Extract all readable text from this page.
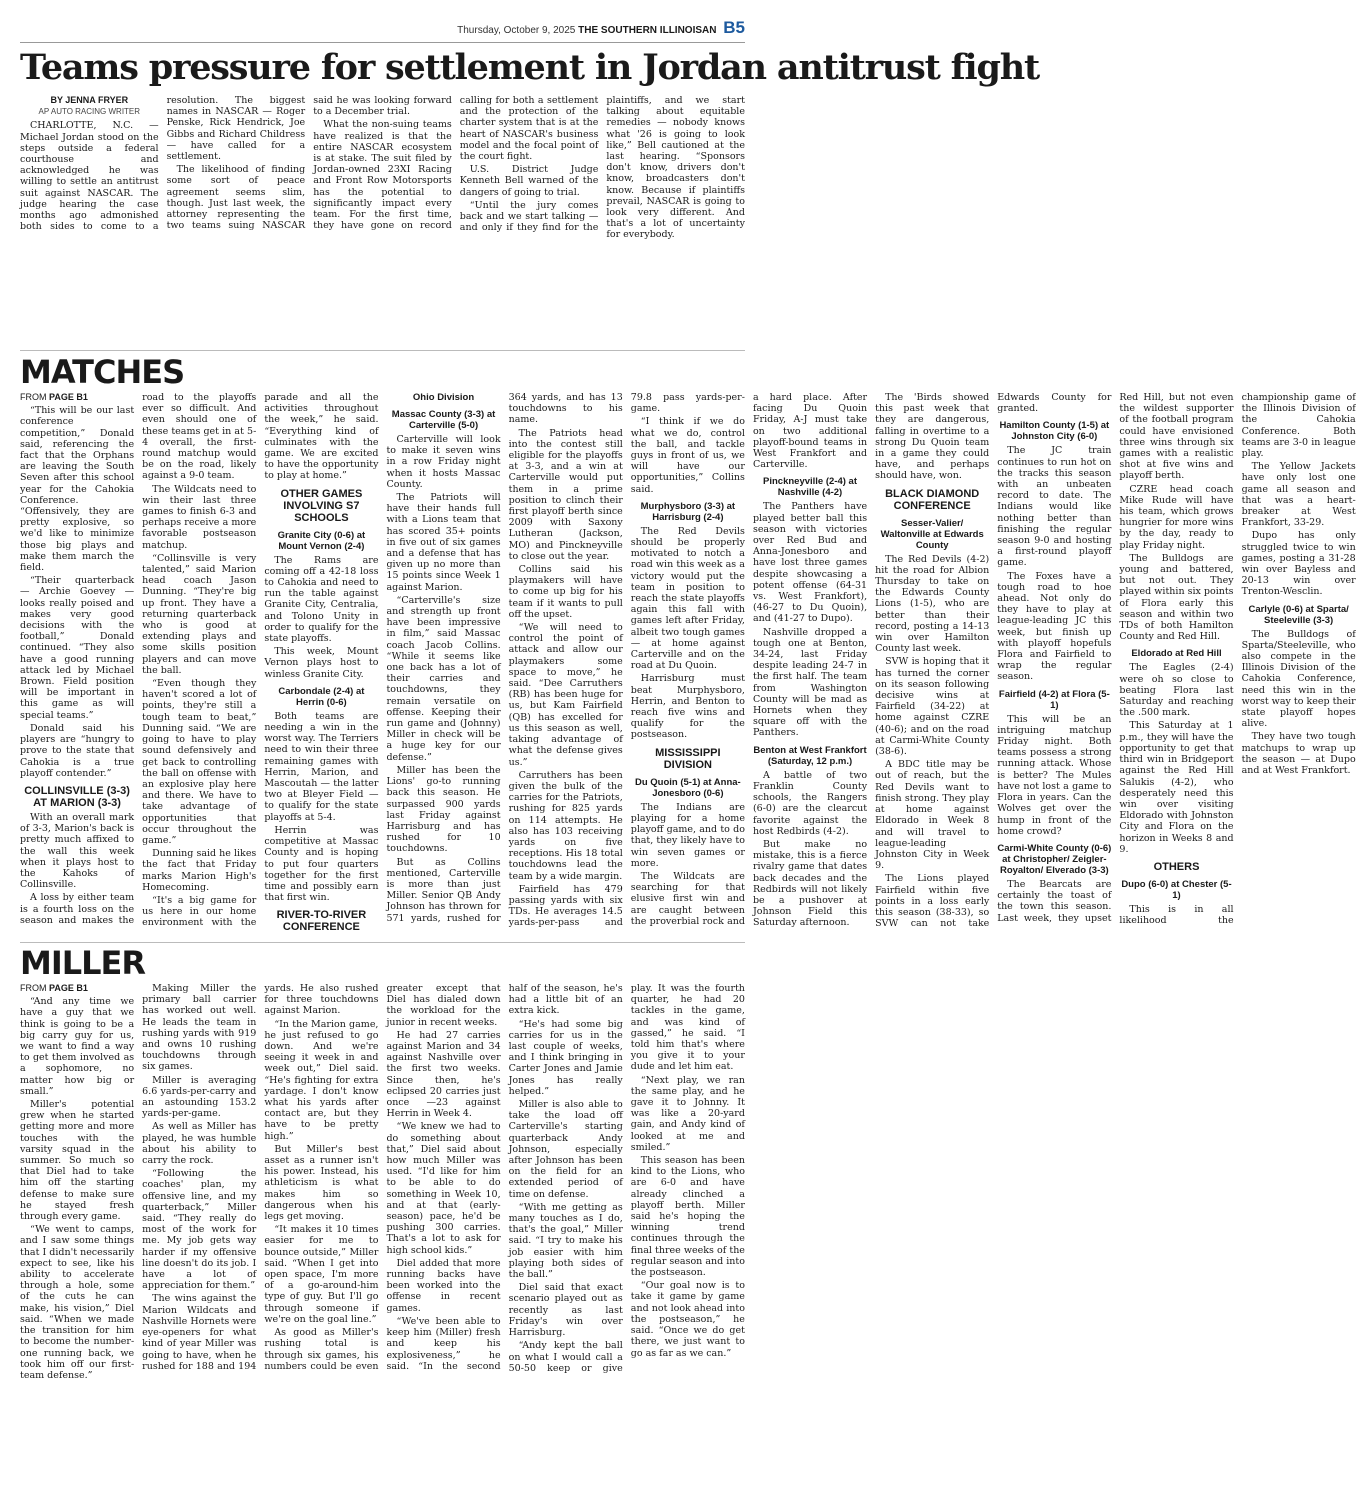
Thursday, October 9, 2025 THE SOUTHERN ILLINOISAN B5
Teams pressure for settlement in Jordan antitrust fight
BY JENNA FRYER
AP AUTO RACING WRITER

CHARLOTTE, N.C. — Michael Jordan stood on the steps outside a federal courthouse and acknowledged he was willing to settle an antitrust suit against NASCAR. The judge hearing the case months ago admonished both sides to come to a resolution. The biggest names in NASCAR — Roger Penske, Rick Hendrick, Joe Gibbs and Richard Childress — have called for a settlement.

The likelihood of finding some sort of peace agreement seems slim, though. Just last week, the attorney representing the two teams suing NASCAR said he was looking forward to a December trial.

What the non-suing teams have realized is that the entire NASCAR ecosystem is at stake. The suit filed by Jordan-owned 23XI Racing and Front Row Motorsports has the potential to significantly impact every team. For the first time, they have gone on record calling for both a settlement and the protection of the charter system that is at the heart of NASCAR's business model and the focal point of the court fight.

U.S. District Judge Kenneth Bell warned of the dangers of going to trial.

“Until the jury comes back and we start talking — and only if they find for the plaintiffs, and we start talking about equitable remedies — nobody knows what '26 is going to look like,” Bell cautioned at the last hearing. “Sponsors don't know, drivers don't know, broadcasters don't know. Because if plaintiffs prevail, NASCAR is going to look very different. And that's a lot of uncertainty for everybody.

MATCHES

FROM PAGE B1

“This will be our last conference competition,” Donald said, referencing the fact that the Orphans are leaving the South Seven after this school year for the Cahokia Conference. “Offensively, they are pretty explosive, so we'd like to minimize those big plays and make them march the field.

“Their quarterback — Archie Goevey — looks really poised and makes very good decisions with the football,” Donald continued. “They also have a good running attack led by Michael Brown. Field position will be important in this game as will special teams.”

Donald said his players are “hungry to prove to the state that Cahokia is a true playoff contender.”

COLLINSVILLE (3-3) AT MARION (3-3)

With an overall mark of 3-3, Marion's back is pretty much affixed to the wall this week when it plays host to the Kahoks of Collinsville.

A loss by either team is a fourth loss on the season and makes the road to the playoffs ever so difficult. And even should one of these teams get in at 5-4 overall, the first-round matchup would be on the road, likely against a 9-0 team.

The Wildcats need to win their last three games to finish 6-3 and perhaps receive a more favorable postseason matchup.

“Collinsville is very talented,” said Marion head coach Jason Dunning. “They're big up front. They have a returning quarterback who is good at extending plays and some skills position players and can move the ball.

“Even though they haven't scored a lot of points, they're still a tough team to beat,” Dunning said. “We are going to have to play sound defensively and get back to controlling the ball on offense with an explosive play here and there. We have to take advantage of opportunities that occur throughout the game.”

Dunning said he likes the fact that Friday marks Marion High's Homecoming.

“It's a big game for us here in our home environment with the parade and all the activities throughout the week,” he said. “Everything kind of culminates with the game. We are excited to have the opportunity to play at home.”

OTHER GAMES INVOLVING S7 SCHOOLS
Granite City (0-6) at Mount Vernon (2-4)

The Rams are coming off a 42-18 loss to Cahokia and need to run the table against Granite City, Centralia, and Tolono Unity in order to qualify for the state playoffs.

This week, Mount Vernon plays host to winless Granite City.

Carbondale (2-4) at Herrin (0-6)

Both teams are needing a win in the worst way. The Terriers need to win their three remaining games with Herrin, Marion, and Mascoutah — the latter two at Bleyer Field — to qualify for the state playoffs at 5-4.

Herrin was competitive at Massac County and is hoping to put four quarters together for the first time and possibly earn that first win.

RIVER-TO-RIVER CONFERENCE
Ohio Division
Massac County (3-3) at Carterville (5-0)

Carterville will look to make it seven wins in a row Friday night when it hosts Massac County.

The Patriots will have their hands full with a Lions team that has scored 35+ points in five out of six games and a defense that has given up no more than 15 points since Week 1 against Marion.

“Carterville's size and strength up front have been impressive in film,” said Massac coach Jacob Collins. “While it seems like one back has a lot of their carries and touchdowns, they remain versatile on offense. Keeping their run game and (Johnny) Miller in check will be a huge key for our defense.”

Miller has been the Lions' go-to running back this season. He surpassed 900 yards last Friday against Harrisburg and has rushed for 10 touchdowns.

But as Collins mentioned, Carterville is more than just Miller. Senior QB Andy Johnson has thrown for 571 yards, rushed for 364 yards, and has 13 touchdowns to his name.

The Patriots head into the contest still eligible for the playoffs at 3-3, and a win at Carterville would put them in a prime position to clinch their first playoff berth since 2009 with Saxony Lutheran (Jackson, MO) and Pinckneyville to close out the year.

Collins said his playmakers will have to come up big for his team if it wants to pull off the upset.

“We will need to control the point of attack and allow our playmakers some space to move,” he said. “Dee Carruthers (RB) has been huge for us, but Kam Fairfield (QB) has excelled for us this season as well, taking advantage of what the defense gives us.”

Carruthers has been given the bulk of the carries for the Patriots, rushing for 825 yards on 114 attempts. He also has 103 receiving yards on five receptions. His 18 total touchdowns lead the team by a wide margin.

Fairfield has 479 passing yards with six TDs. He averages 14.5 yards-per-pass and 79.8 pass yards-per-game.

“I think if we do what we do, control the ball, and tackle guys in front of us, we will have our opportunities,” Collins said.

Murphysboro (3-3) at Harrisburg (2-4)

The Red Devils should be properly motivated to notch a road win this week as a victory would put the team in position to reach the state playoffs again this fall with games left after Friday, albeit two tough games — at home against Carterville and on the road at Du Quoin.

Harrisburg must beat Murphysboro, Herrin, and Benton to reach five wins and qualify for the postseason.

MISSISSIPPI DIVISION
Du Quoin (5-1) at Anna-Jonesboro (0-6)

The Indians are playing for a home playoff game, and to do that, they likely have to win seven games or more.

The Wildcats are searching for that elusive first win and are caught between the proverbial rock and a hard place. After facing Du Quoin Friday, A-J must take on two additional playoff-bound teams in West Frankfort and Carterville.

Pinckneyville (2-4) at Nashville (4-2)

The Panthers have played better ball this season with victories over Red Bud and Anna-Jonesboro and have lost three games despite showcasing a potent offense (64-31 vs. West Frankfort), (46-27 to Du Quoin), and (41-27 to Dupo).

Nashville dropped a tough one at Benton, 34-24, last Friday despite leading 24-7 in the first half. The team from Washington County will be mad as Hornets when they square off with the Panthers.

Benton at West Frankfort (Saturday, 12 p.m.)

A battle of two Franklin County schools, the Rangers (6-0) are the clearcut favorite against the host Redbirds (4-2).

But make no mistake, this is a fierce rivalry game that dates back decades and the Redbirds will not likely be a pushover at Johnson Field this Saturday afternoon.

The 'Birds showed this past week that they are dangerous, falling in overtime to a strong Du Quoin team in a game they could have, and perhaps should have, won.

BLACK DIAMOND CONFERENCE
Sesser-Valier/ Waltonville at Edwards County

The Red Devils (4-2) hit the road for Albion Thursday to take on the Edwards County Lions (1-5), who are better than their record, posting a 14-13 win over Hamilton County last week.

SVW is hoping that it has turned the corner on its season following decisive wins at Fairfield (34-22) at home against CZRE (40-6); and on the road at Carmi-White County (38-6).

A BDC title may be out of reach, but the Red Devils want to finish strong. They play at home against Eldorado in Week 8 and will travel to league-leading Johnston City in Week 9.

The Lions played Fairfield within five points in a loss early this season (38-33), so SVW can not take Edwards County for granted.

Hamilton County (1-5) at Johnston City (6-0)

The JC train continues to run hot on the tracks this season with an unbeaten record to date. The Indians would like nothing better than finishing the regular season 9-0 and hosting a first-round playoff game.

The Foxes have a tough road to hoe ahead. Not only do they have to play at league-leading JC this week, but finish up with playoff hopefuls Flora and Fairfield to wrap the regular season.

Fairfield (4-2) at Flora (5-1)

This will be an intriguing matchup Friday night. Both teams possess a strong running attack. Whose is better? The Mules have not lost a game to Flora in years. Can the Wolves get over the hump in front of the home crowd?

Carmi-White County (0-6) at Christopher/ Zeigler-Royalton/ Elverado (3-3)

The Bearcats are certainly the toast of the town this season. Last week, they upset Red Hill, but not even the wildest supporter of the football program could have envisioned three wins through six games with a realistic shot at five wins and playoff berth.

CZRE head coach Mike Rude will have his team, which grows hungrier for more wins by the day, ready to play Friday night.

The Bulldogs are young and battered, but not out. They played within six points of Flora early this season and within two TDs of both Hamilton County and Red Hill.

Eldorado at Red Hill

The Eagles (2-4) were oh so close to beating Flora last Saturday and reaching the .500 mark.

This Saturday at 1 p.m., they will have the opportunity to get that third win in Bridgeport against the Red Hill Salukis (4-2), who desperately need this win over visiting Eldorado with Johnston City and Flora on the horizon in Weeks 8 and 9.

OTHERS
Dupo (6-0) at Chester (5-1)

This is in all likelihood the championship game of the Illinois Division of the Cahokia Conference. Both teams are 3-0 in league play.

The Yellow Jackets have only lost one game all season and that was a heart-breaker at West Frankfort, 33-29.

Dupo has only struggled twice to win games, posting a 31-28 win over Bayless and 20-13 win over Trenton-Wesclin.

Carlyle (0-6) at Sparta/ Steeleville (3-3)

The Bulldogs of Sparta/Steeleville, who also compete in the Illinois Division of the Cahokia Conference, need this win in the worst way to keep their state playoff hopes alive.

They have two tough matchups to wrap up the season — at Dupo and at West Frankfort.

MILLER

FROM PAGE B1

“And any time we have a guy that we think is going to be a big carry guy for us, we want to find a way to get them involved as a sophomore, no matter how big or small.”

Miller's potential grew when he started getting more and more touches with the varsity squad in the summer. So much so that Diel had to take him off the starting defense to make sure he stayed fresh through every game.

“We went to camps, and I saw some things that I didn't necessarily expect to see, like his ability to accelerate through a hole, some of the cuts he can make, his vision,” Diel said. “When we made the transition for him to become the number-one running back, we took him off our first-team defense.”

Making Miller the primary ball carrier has worked out well. He leads the team in rushing yards with 919 and owns 10 rushing touchdowns through six games.

Miller is averaging 6.6 yards-per-carry and an astounding 153.2 yards-per-game.

As well as Miller has played, he was humble about his ability to carry the rock.

“Following the coaches' plan, my offensive line, and my quarterback,” Miller said. “They really do most of the work for me. My job gets way harder if my offensive line doesn't do its job. I have a lot of appreciation for them.”

The wins against the Marion Wildcats and Nashville Hornets were eye-openers for what kind of year Miller was going to have, when he rushed for 188 and 194 yards. He also rushed for three touchdowns against Marion.

“In the Marion game, he just refused to go down. And we're seeing it week in and week out,” Diel said. “He's fighting for extra yardage. I don't know what his yards after contact are, but they have to be pretty high.”

But Miller's best asset as a runner isn't his power. Instead, his athleticism is what makes him so dangerous when his legs get moving.

“It makes it 10 times easier for me to bounce outside,” Miller said. “When I get into open space, I'm more of a go-around-him type of guy. But I'll go through someone if we're on the goal line.”

As good as Miller's rushing total is through six games, his numbers could be even greater except that Diel has dialed down the workload for the junior in recent weeks.

He had 27 carries against Marion and 34 against Nashville over the first two weeks. Since then, he's eclipsed 20 carries just once —23 against Herrin in Week 4.

“We knew we had to do something about that,” Diel said about how much Miller was used. “I'd like for him to be able to do something in Week 10, and at that (early-season) pace, he'd be pushing 300 carries. That's a lot to ask for high school kids.”

Diel added that more running backs have been worked into the offense in recent games.

“We've been able to keep him (Miller) fresh and keep his explosiveness,” he said. “In the second half of the season, he's had a little bit of an extra kick.

“He's had some big carries for us in the last couple of weeks, and I think bringing in Carter Jones and Jamie Jones has really helped.”

Miller is also able to take the load off Carterville's starting quarterback Andy Johnson, especially after Johnson has been on the field for an extended period of time on defense.

“With me getting as many touches as I do, that's the goal,” Miller said. “I try to make his job easier with him playing both sides of the ball.”

Diel said that exact scenario played out as recently as last Friday's win over Harrisburg.

“Andy kept the ball on what I would call a 50-50 keep or give play. It was the fourth quarter, he had 20 tackles in the game, and was kind of gassed,” he said. “I told him that's where you give it to your dude and let him eat.

“Next play, we ran the same play, and he gave it to Johnny. It was like a 20-yard gain, and Andy kind of looked at me and smiled.”

This season has been kind to the Lions, who are 6-0 and have already clinched a playoff berth. Miller said he's hoping the winning trend continues through the final three weeks of the regular season and into the postseason.

“Our goal now is to take it game by game and not look ahead into the postseason,” he said. “Once we do get there, we just want to go as far as we can.”
